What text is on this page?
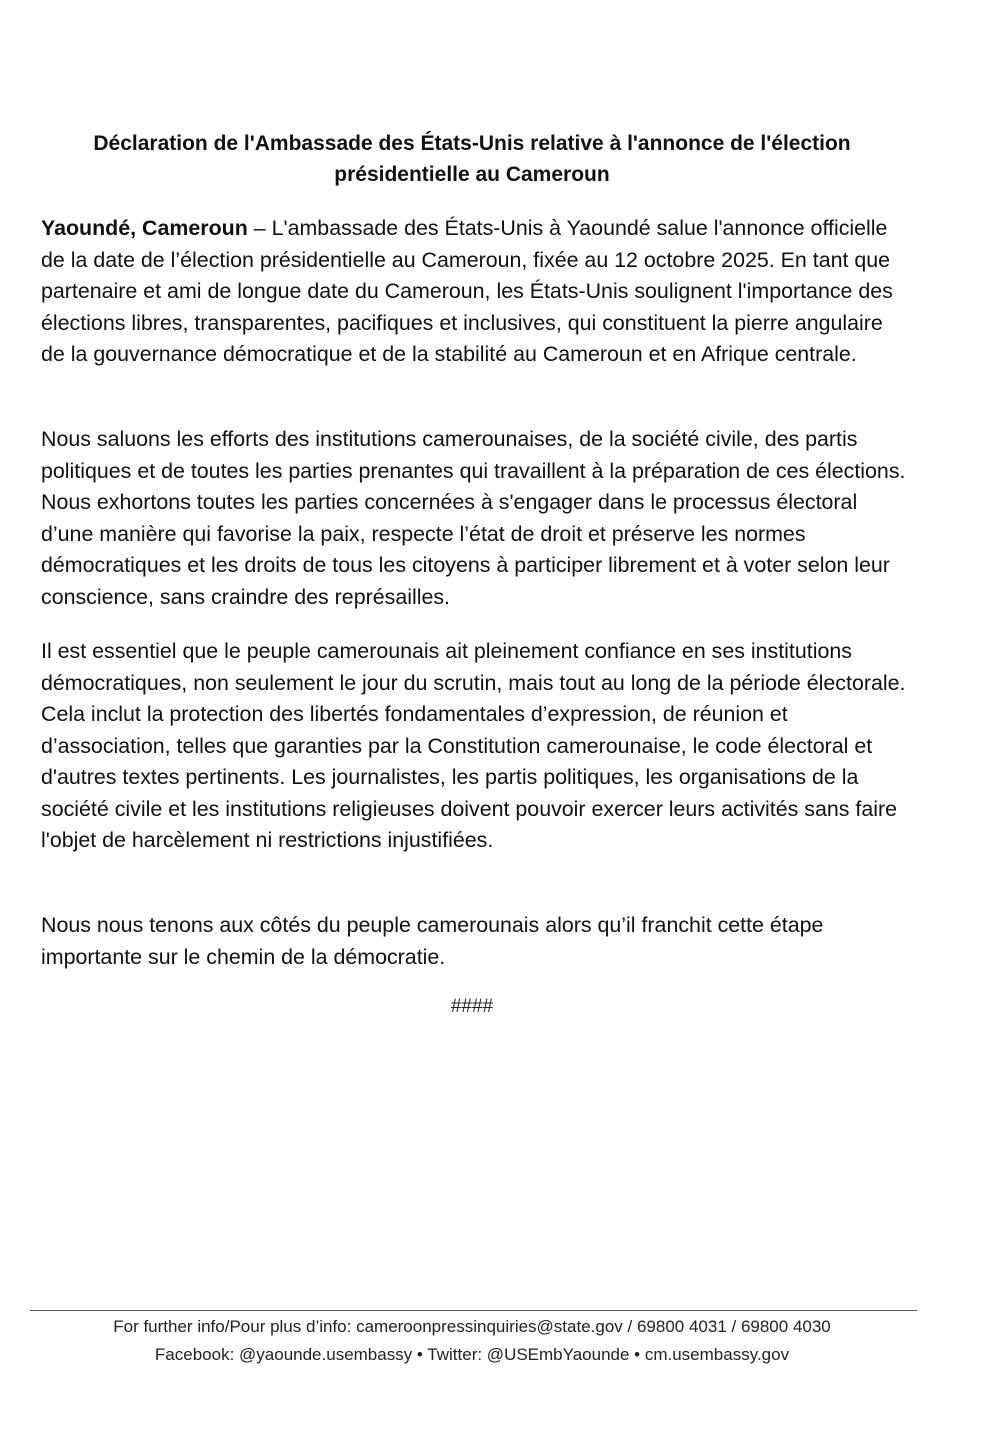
Déclaration de l'Ambassade des États-Unis relative à l'annonce de l'élection présidentielle au Cameroun

Yaoundé, Cameroun – L'ambassade des États-Unis à Yaoundé salue l'annonce officielle de la date de l’élection présidentielle au Cameroun, fixée au 12 octobre 2025. En tant que partenaire et ami de longue date du Cameroun, les États-Unis soulignent l'importance des élections libres, transparentes, pacifiques et inclusives, qui constituent la pierre angulaire de la gouvernance démocratique et de la stabilité au Cameroun et en Afrique centrale.

Nous saluons les efforts des institutions camerounaises, de la société civile, des partis politiques et de toutes les parties prenantes qui travaillent à la préparation de ces élections. Nous exhortons toutes les parties concernées à s'engager dans le processus électoral d’une manière qui favorise la paix, respecte l’état de droit et préserve les normes démocratiques et les droits de tous les citoyens à participer librement et à voter selon leur conscience, sans craindre des représailles.

Il est essentiel que le peuple camerounais ait pleinement confiance en ses institutions démocratiques, non seulement le jour du scrutin, mais tout au long de la période électorale. Cela inclut la protection des libertés fondamentales d’expression, de réunion et d’association, telles que garanties par la Constitution camerounaise, le code électoral et d'autres textes pertinents. Les journalistes, les partis politiques, les organisations de la société civile et les institutions religieuses doivent pouvoir exercer leurs activités sans faire l'objet de harcèlement ni restrictions injustifiées.

Nous nous tenons aux côtés du peuple camerounais alors qu’il franchit cette étape importante sur le chemin de la démocratie.

####
For further info/Pour plus d’info: cameroonpressinquiries@state.gov / 69800 4031 / 69800 4030
Facebook: @yaounde.usembassy • Twitter: @USEmbYaounde • cm.usembassy.gov
